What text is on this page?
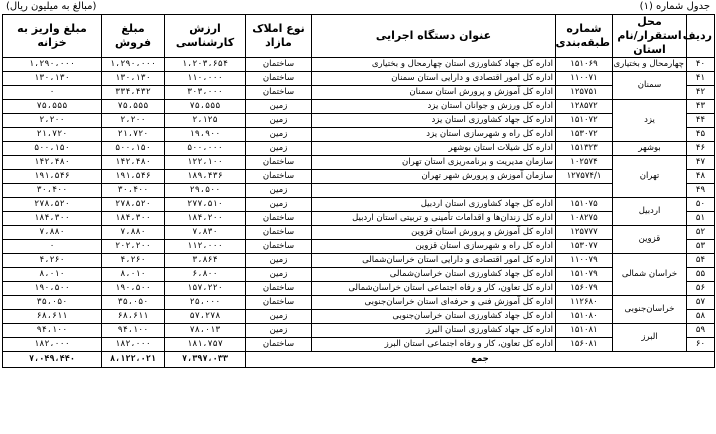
جدول شماره (۱)
(مبالغ به میلیون ریال)
ردیف	محل استقرار/نام استان	شماره طبقه‌بندی	عنوان دستگاه اجرایی	نوع املاک مازاد	ارزش کارشناسی	مبلغ فروش	مبلغ واریز به خزانه
۴۰	چهارمحال و بختیاری	۱۵۱۰۶۹	اداره کل جهاد کشاورزی استان چهارمحال و بختیاری	ساختمان	۱،۲۰۳،۶۵۴	۱،۲۹۰،۰۰۰	۱،۲۹۰،۰۰۰
۴۱	سمنان	۱۱۰۰۷۱	اداره کل امور اقتصادی و دارایی استان سمنان	ساختمان	۱۱۰،۰۰۰	۱۳۰،۱۳۰	۱۳۰،۱۳۰
۴۲		۱۲۵۷۵۱	اداره کل آموزش و پرورش استان سمنان	ساختمان	۳۰۳،۰۰۰	۳۳۴،۴۳۲	۰
۴۳	یزد	۱۲۸۵۷۲	اداره کل ورزش و جوانان استان یزد	زمین	۷۵،۵۵۵	۷۵،۵۵۵	۷۵،۵۵۵
۴۴		۱۵۱۰۷۲	اداره کل جهاد کشاورزی استان یزد	زمین	۲،۱۲۵	۲،۲۰۰	۲،۲۰۰
۴۵		۱۵۳۰۷۲	اداره کل راه و شهرسازی استان یزد	زمین	۱۹،۹۰۰	۲۱،۷۲۰	۲۱،۷۲۰
۴۶	بوشهر	۱۵۱۳۲۳	اداره کل شیلات استان بوشهر	زمین	۵۰۰،۰۰۰	۵۰۰،۱۵۰	۵۰۰،۱۵۰
۴۷	تهران	۱۰۲۵۷۴	سازمان مدیریت و برنامه‌ریزی استان تهران	ساختمان	۱۲۲،۱۰۰	۱۴۲،۴۸۰	۱۴۲،۴۸۰
۴۸		۱۲۷۵۷۴/۱	سازمان آموزش و پرورش شهر تهران	ساختمان	۱۸۹،۴۳۶	۱۹۱،۵۴۶	۱۹۱،۵۴۶
۴۹				زمین	۲۹،۵۰۰	۳۰،۴۰۰	۳۰،۴۰۰
۵۰	اردبیل	۱۵۱۰۷۵	اداره کل جهاد کشاورزی استان اردبیل	زمین	۲۷۷،۵۱۰	۲۷۸،۵۲۰	۲۷۸،۵۲۰
۵۱		۱۰۸۲۷۵	اداره کل زندان‌ها و اقدامات تأمینی و تربیتی استان اردبیل	ساختمان	۱۸۴،۲۰۰	۱۸۴،۳۰۰	۱۸۴،۳۰۰
۵۲	قزوین	۱۲۵۷۷۷	اداره کل آموزش و پرورش استان قزوین	ساختمان	۷،۸۳۰	۷،۸۸۰	۷،۸۸۰
۵۳		۱۵۳۰۷۷	اداره کل راه و شهرسازی استان قزوین	ساختمان	۱۱۲،۰۰۰	۲۰۲،۲۰۰	۰
۵۴	خراسان شمالی	۱۱۰۰۷۹	اداره کل امور اقتصادی و دارایی استان خراسان‌شمالی	زمین	۳،۸۶۴	۴،۲۶۰	۴،۲۶۰
۵۵		۱۵۱۰۷۹	اداره کل جهاد کشاورزی استان خراسان‌شمالی	زمین	۶،۸۰۰	۸،۰۱۰	۸،۰۱۰
۵۶		۱۵۶۰۷۹	اداره کل تعاون، کار و رفاه اجتماعی استان خراسان‌شمالی	ساختمان	۱۵۷،۲۲۰	۱۹۰،۵۰۰	۱۹۰،۵۰۰
۵۷	خراسان‌جنوبی	۱۱۲۶۸۰	اداره کل آموزش فنی و حرفه‌ای استان خراسان‌جنوبی	ساختمان	۲۵،۰۰۰	۳۵،۰۵۰	۳۵،۰۵۰
۵۸		۱۵۱۰۸۰	اداره کل جهاد کشاورزی استان خراسان‌جنوبی	زمین	۵۷،۲۷۸	۶۸،۶۱۱	۶۸،۶۱۱
۵۹	البرز	۱۵۱۰۸۱	اداره کل جهاد کشاورزی استان البرز	زمین	۷۸،۰۱۳	۹۴،۱۰۰	۹۴،۱۰۰
۶۰		۱۵۶۰۸۱	اداره کل تعاون، کار و رفاه اجتماعی استان البرز	ساختمان	۱۸۱،۷۵۷	۱۸۲،۰۰۰	۱۸۲،۰۰۰
جمع					۷،۳۹۷،۰۳۳	۸،۱۲۲،۰۲۱	۷،۰۴۹،۴۴۰
